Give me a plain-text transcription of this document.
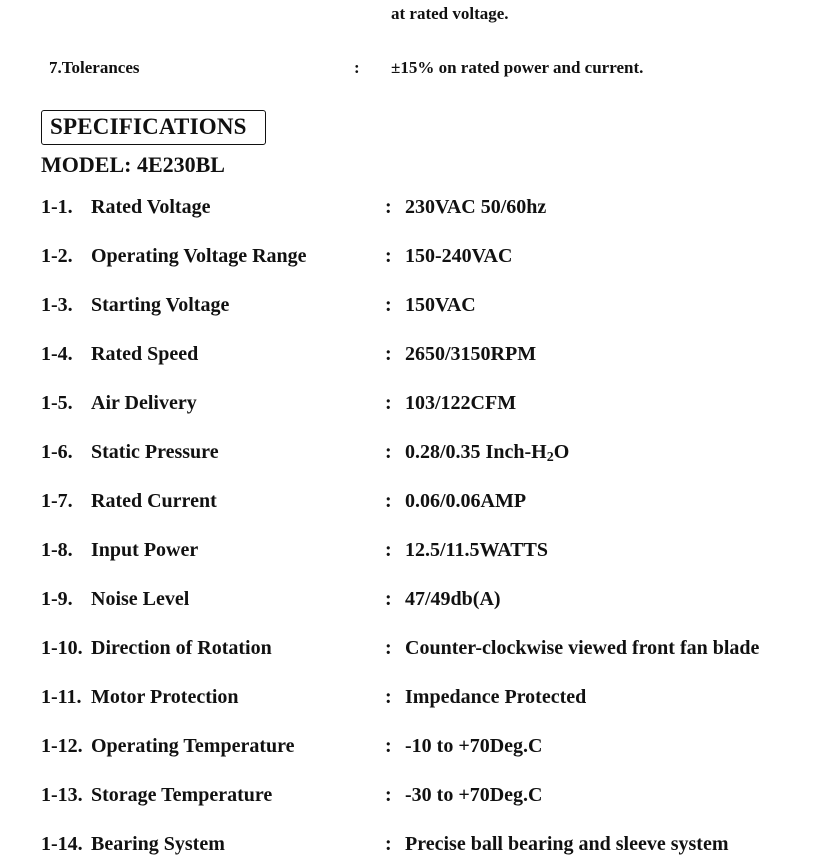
at rated voltage.
7.Tolerances	: ±15% on rated power and current.
SPECIFICATIONS
MODEL: 4E230BL
1-1. Rated Voltage	: 230VAC 50/60hz
1-2. Operating Voltage Range	: 150-240VAC
1-3. Starting Voltage	: 150VAC
1-4. Rated Speed	: 2650/3150RPM
1-5. Air Delivery	: 103/122CFM
1-6. Static Pressure	: 0.28/0.35 Inch-$H_2O$
1-7. Rated Current	: 0.06/0.06AMP
1-8. Input Power	: 12.5/11.5WATTS
1-9. Noise Level	: 47/49db(A)
1-10. Direction of Rotation	: Counter-clockwise viewed front fan blade
1-11. Motor Protection	: Impedance Protected
1-12. Operating Temperature	: -10 to +70Deg.C
1-13. Storage Temperature	: -30 to +70Deg.C
1-14. Bearing System	: Precise ball bearing and sleeve system
